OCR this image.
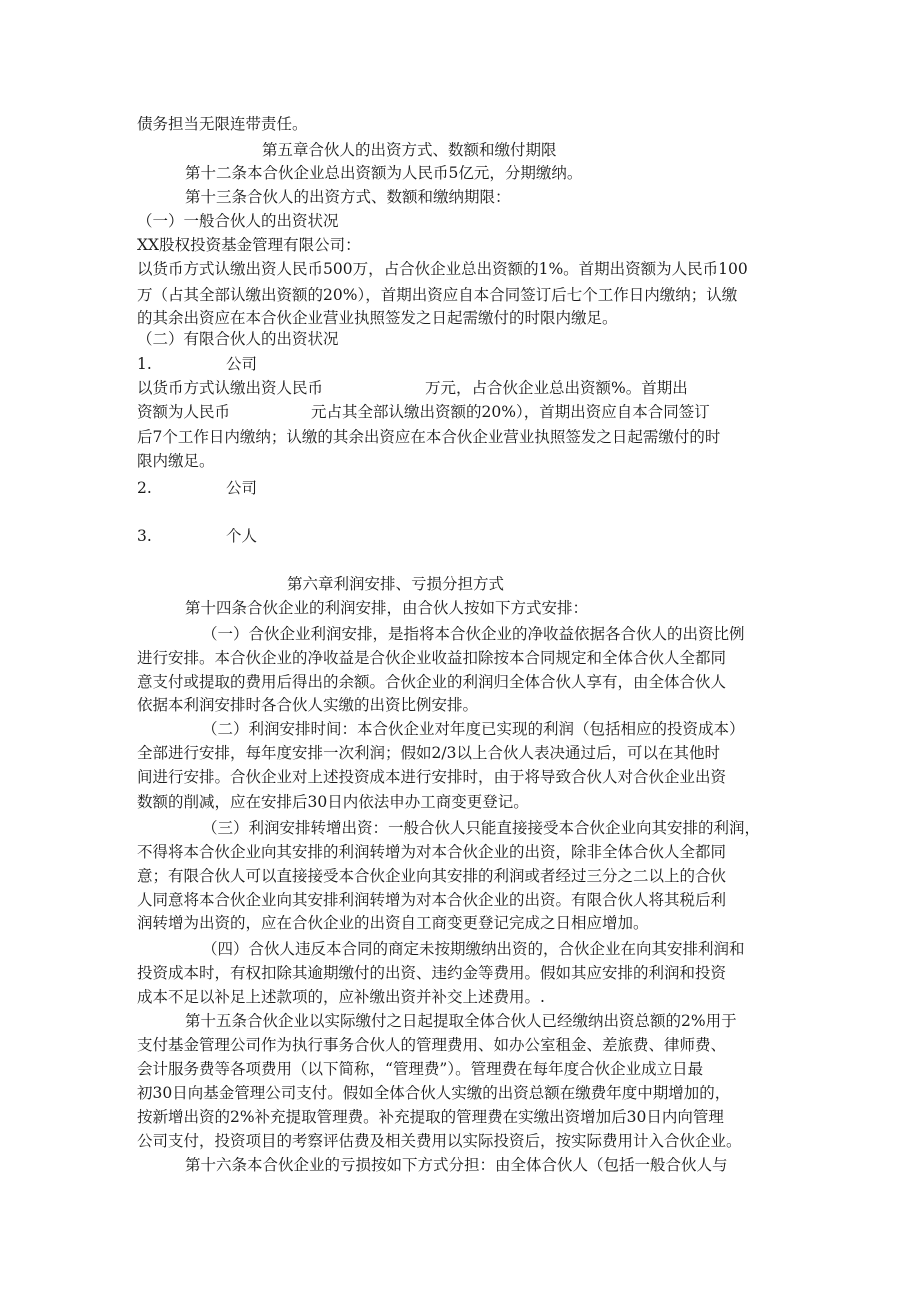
债务担当无限连带责任。
第五章合伙人的出资方式、数额和缴付期限
第十二条本合伙企业总出资额为人民币5亿元，分期缴纳。
第十三条合伙人的出资方式、数额和缴纳期限：
（一）一般合伙人的出资状况
XX股权投资基金管理有限公司：
以货币方式认缴出资人民币500万，占合伙企业总出资额的1%。首期出资额为人民币100
万（占其全部认缴出资额的20%），首期出资应自本合同签订后七个工作日内缴纳；认缴
的其余出资应在本合伙企业营业执照签发之日起需缴付的时限内缴足。
（二）有限合伙人的出资状况
1.	公司
以货币方式认缴出资人民币	万元，占合伙企业总出资额%。首期出
资额为人民币	元占其全部认缴出资额的20%），首期出资应自本合同签订
后7个工作日内缴纳；认缴的其余出资应在本合伙企业营业执照签发之日起需缴付的时
限内缴足。
2.	公司
3.	个人
第六章利润安排、亏损分担方式
第十四条合伙企业的利润安排，由合伙人按如下方式安排：
（一）合伙企业利润安排，是指将本合伙企业的净收益依据各合伙人的出资比例
进行安排。本合伙企业的净收益是合伙企业收益扣除按本合同规定和全体合伙人全都同
意支付或提取的费用后得出的余额。合伙企业的利润归全体合伙人享有，由全体合伙人
依据本利润安排时各合伙人实缴的出资比例安排。
（二）利润安排时间：本合伙企业对年度已实现的利润（包括相应的投资成本）
全部进行安排，每年度安排一次利润；假如2/3以上合伙人表决通过后，可以在其他时
间进行安排。合伙企业对上述投资成本进行安排时，由于将导致合伙人对合伙企业出资
数额的削减，应在安排后30日内依法申办工商变更登记。
（三）利润安排转增出资：一般合伙人只能直接接受本合伙企业向其安排的利润，
不得将本合伙企业向其安排的利润转增为对本合伙企业的出资，除非全体合伙人全都同
意；有限合伙人可以直接接受本合伙企业向其安排的利润或者经过三分之二以上的合伙
人同意将本合伙企业向其安排利润转增为对本合伙企业的出资。有限合伙人将其税后利
润转增为出资的，应在合伙企业的出资自工商变更登记完成之日相应增加。
（四）合伙人违反本合同的商定未按期缴纳出资的，合伙企业在向其安排利润和
投资成本时，有权扣除其逾期缴付的出资、违约金等费用。假如其应安排的利润和投资
成本不足以补足上述款项的，应补缴出资并补交上述费用。.
第十五条合伙企业以实际缴付之日起提取全体合伙人已经缴纳出资总额的2%用于
支付基金管理公司作为执行事务合伙人的管理费用、如办公室租金、差旅费、律师费、
会计服务费等各项费用（以下简称，“管理费”）。管理费在每年度合伙企业成立日最
初30日向基金管理公司支付。假如全体合伙人实缴的出资总额在缴费年度中期增加的，
按新增出资的2%补充提取管理费。补充提取的管理费在实缴出资增加后30日内向管理
公司支付，投资项目的考察评估费及相关费用以实际投资后，按实际费用计入合伙企业。
第十六条本合伙企业的亏损按如下方式分担：由全体合伙人（包括一般合伙人与
